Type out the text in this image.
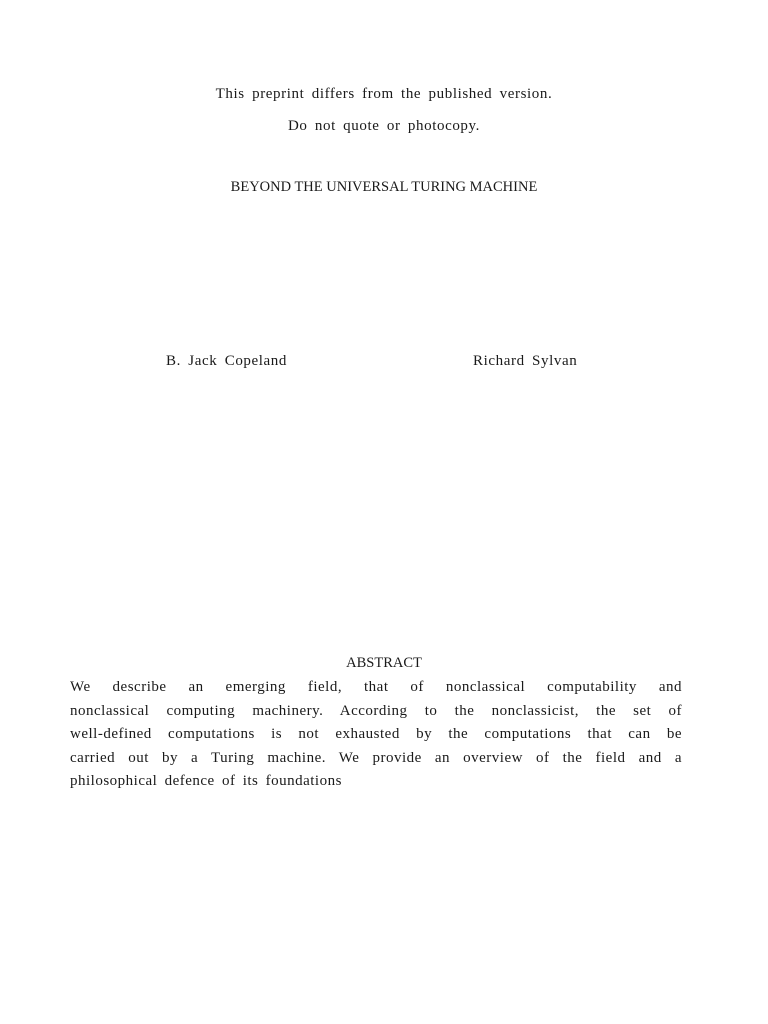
This preprint differs from the published version.
Do not quote or photocopy.
BEYOND THE UNIVERSAL TURING MACHINE
B. Jack Copeland	Richard Sylvan
ABSTRACT
We describe an emerging field, that of nonclassical computability and
nonclassical computing machinery. According to the nonclassicist, the set of
well-defined computations is not exhausted by the computations that can be
carried out by a Turing machine. We provide an overview of the field and a
philosophical defence of its foundations
